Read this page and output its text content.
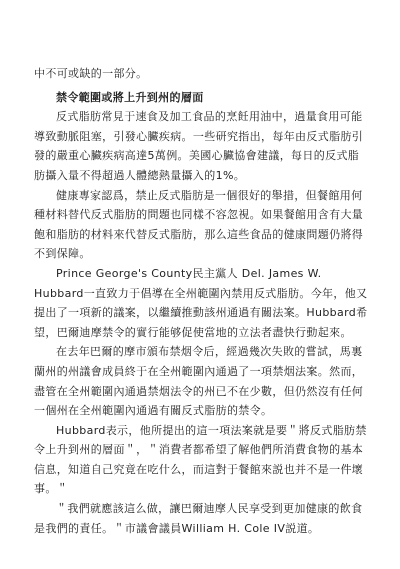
中不可或缺的一部分。

禁令範圍或將上升到州的層面

反式脂肪常見于速食及加工食品的烹飪用油中，過量食用可能導致動脈阻塞，引發心臟疾病。一些研究指出，每年由反式脂肪引發的嚴重心臟疾病高達5萬例。美國心臟協會建議，每日的反式脂肪攝入量不得超過人體總熱量攝入的1%。

健康專家認爲，禁止反式脂肪是一個很好的舉措，但餐館用何種材料替代反式脂肪的問題也同樣不容忽視。如果餐館用含有大量飽和脂肪的材料來代替反式脂肪，那么這些食品的健康問題仍將得不到保障。

Prince George's County民主黨人 Del. James W. Hubbard一直致力于倡導在全州範圍內禁用反式脂肪。今年，他又提出了一項新的議案，以繼續推動該州通過有關法案。Hubbard希望，巴爾迪摩禁令的實行能够促使當地的立法者盡快行動起來。

在去年巴爾的摩市頒布禁烟令后，經過幾次失敗的嘗試，馬裏蘭州的州議會成員終于在全州範圍內通過了一項禁烟法案。然而，盡管在全州範圍內通過禁烟法令的州已不在少數，但仍然沒有任何一個州在全州範圍內通過有關反式脂肪的禁令。

Hubbard表示，他所提出的這一項法案就是要＂將反式脂肪禁令上升到州的層面＂，＂消費者都希望了解他們所消費食物的基本信息，知道自己究竟在吃什么，而這對于餐館來説也并不是一件壞事。＂

＂我們就應該這么做，讓巴爾迪摩人民享受到更加健康的飲食是我們的責任。＂市議會議員William H. Cole IV説道。
